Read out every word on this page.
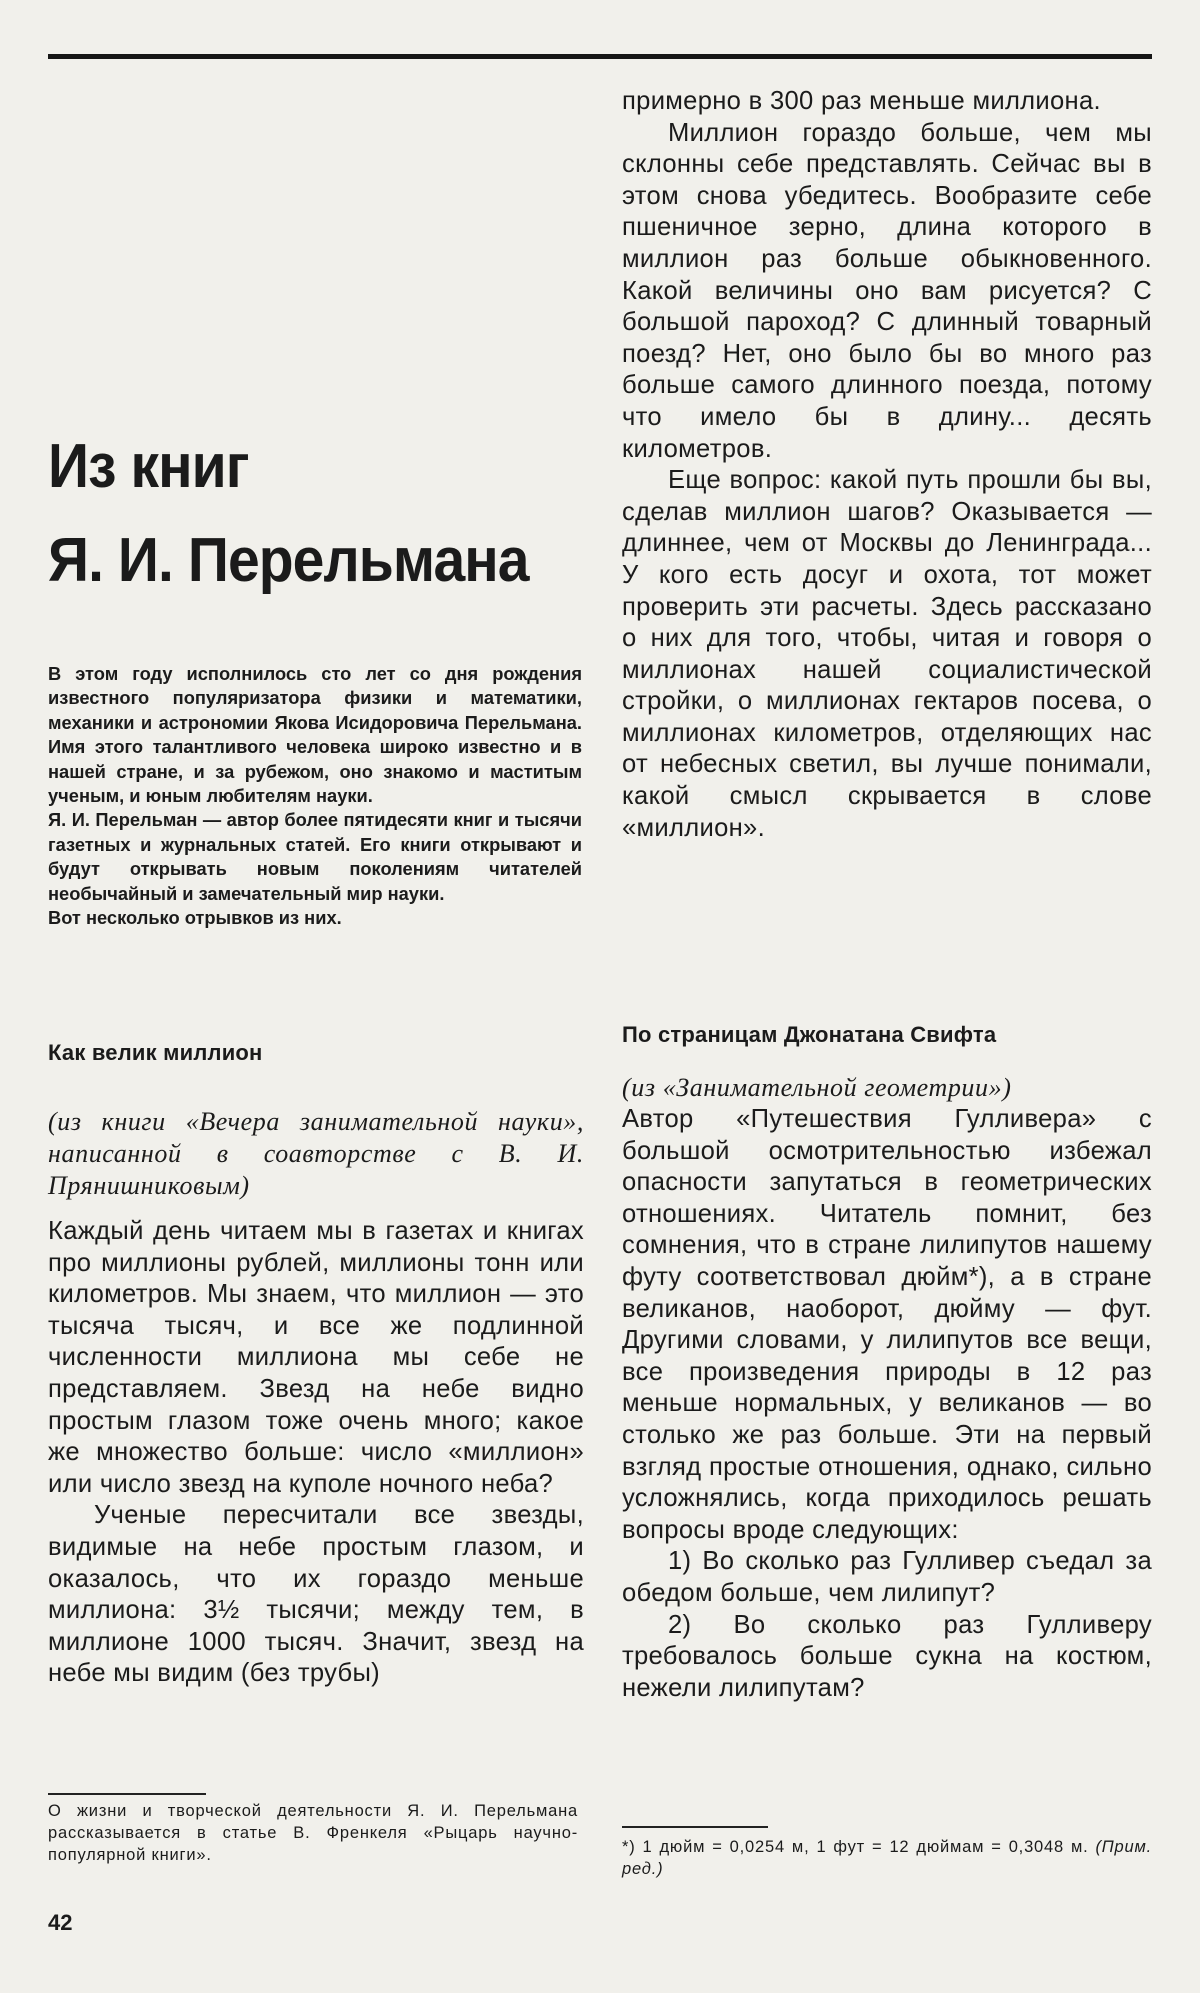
Из книг
Я. И. Перельмана

В этом году исполнилось сто лет со дня рождения известного популяризатора физики и математики, механики и астрономии Якова Исидоровича Перельмана. Имя этого талантливого человека широко известно и в нашей стране, и за рубежом, оно знакомо и маститым ученым, и юным любителям науки.

Я. И. Перельман — автор более пятидесяти книг и тысячи газетных и журнальных статей. Его книги открывают и будут открывать новым поколениям читателей необычайный и замечательный мир науки.

Вот несколько отрывков из них.

Как велик миллион

(из книги «Вечера занимательной науки», написанной в соавторстве с В. И. Прянишниковым)

Каждый день читаем мы в газетах и книгах про миллионы рублей, миллионы тонн или километров. Мы знаем, что миллион — это тысяча тысяч, и все же подлинной численности миллиона мы себе не представляем. Звезд на небе видно простым глазом тоже очень много; какое же множество больше: число «миллион» или число звезд на куполе ночного неба?

Ученые пересчитали все звезды, видимые на небе простым глазом, и оказалось, что их гораздо меньше миллиона: 3½ тысячи; между тем, в миллионе 1000 тысяч. Значит, звезд на небе мы видим (без трубы)

примерно в 300 раз меньше миллиона.

Миллион гораздо больше, чем мы склонны себе представлять. Сейчас вы в этом снова убедитесь. Вообразите себе пшеничное зерно, длина которого в миллион раз больше обыкновенного. Какой величины оно вам рисуется? С большой пароход? С длинный товарный поезд? Нет, оно было бы во много раз больше самого длинного поезда, потому что имело бы в длину... десять километров.

Еще вопрос: какой путь прошли бы вы, сделав миллион шагов? Оказывается — длиннее, чем от Москвы до Ленинграда... У кого есть досуг и охота, тот может проверить эти расчеты. Здесь рассказано о них для того, чтобы, читая и говоря о миллионах нашей социалистической стройки, о миллионах гектаров посева, о миллионах километров, отделяющих нас от небесных светил, вы лучше понимали, какой смысл скрывается в слове «миллион».

По страницам Джонатана Свифта

(из «Занимательной геометрии»)

Автор «Путешествия Гулливера» с большой осмотрительностью избежал опасности запутаться в геометрических отношениях. Читатель помнит, без сомнения, что в стране лилипутов нашему футу соответствовал дюйм*), а в стране великанов, наоборот, дюйму — фут. Другими словами, у лилипутов все вещи, все произведения природы в 12 раз меньше нормальных, у великанов — во столько же раз больше. Эти на первый взгляд простые отношения, однако, сильно усложнялись, когда приходилось решать вопросы вроде следующих:

1) Во сколько раз Гулливер съедал за обедом больше, чем лилипут?

2) Во сколько раз Гулливеру требовалось больше сукна на костюм, нежели лилипутам?

О жизни и творческой деятельности Я. И. Перельмана рассказывается в статье В. Френкеля «Рыцарь научно-популярной книги».	*) 1 дюйм = 0,0254 м, 1 фут = 12 дюймам = 0,3048 м. (Прим. ред.)

42
